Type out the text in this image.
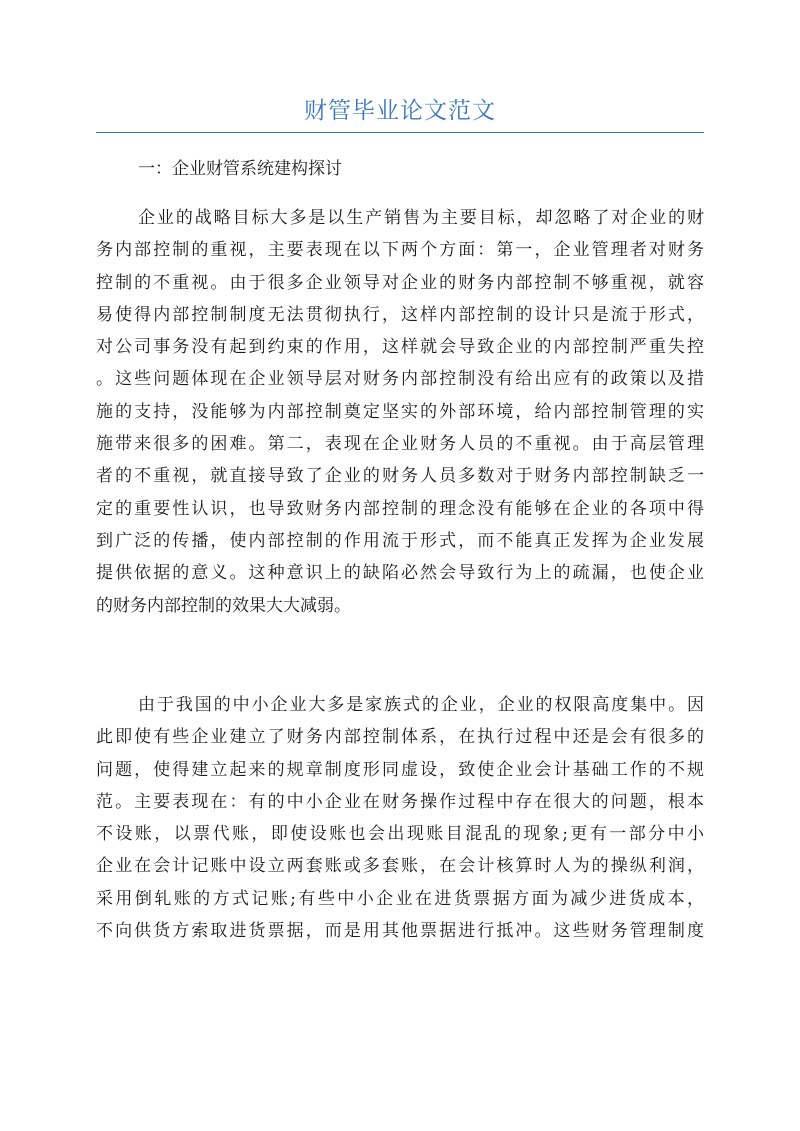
财管毕业论文范文
一：企业财管系统建构探讨
企业的战略目标大多是以生产销售为主要目标，却忽略了对企业的财
务内部控制的重视，主要表现在以下两个方面：第一，企业管理者对财务
控制的不重视。由于很多企业领导对企业的财务内部控制不够重视，就容
易使得内部控制制度无法贯彻执行，这样内部控制的设计只是流于形式，
对公司事务没有起到约束的作用，这样就会导致企业的内部控制严重失控
。这些问题体现在企业领导层对财务内部控制没有给出应有的政策以及措
施的支持，没能够为内部控制奠定坚实的外部环境，给内部控制管理的实
施带来很多的困难。第二，表现在企业财务人员的不重视。由于高层管理
者的不重视，就直接导致了企业的财务人员多数对于财务内部控制缺乏一
定的重要性认识，也导致财务内部控制的理念没有能够在企业的各项中得
到广泛的传播，使内部控制的作用流于形式，而不能真正发挥为企业发展
提供依据的意义。这种意识上的缺陷必然会导致行为上的疏漏，也使企业
的财务内部控制的效果大大减弱。
由于我国的中小企业大多是家族式的企业，企业的权限高度集中。因
此即使有些企业建立了财务内部控制体系，在执行过程中还是会有很多的
问题，使得建立起来的规章制度形同虚设，致使企业会计基础工作的不规
范。主要表现在：有的中小企业在财务操作过程中存在很大的问题，根本
不设账，以票代账，即使设账也会出现账目混乱的现象;更有一部分中小
企业在会计记账中设立两套账或多套账，在会计核算时人为的操纵利润，
采用倒轧账的方式记账;有些中小企业在进货票据方面为减少进货成本，
不向供货方索取进货票据，而是用其他票据进行抵冲。这些财务管理制度
